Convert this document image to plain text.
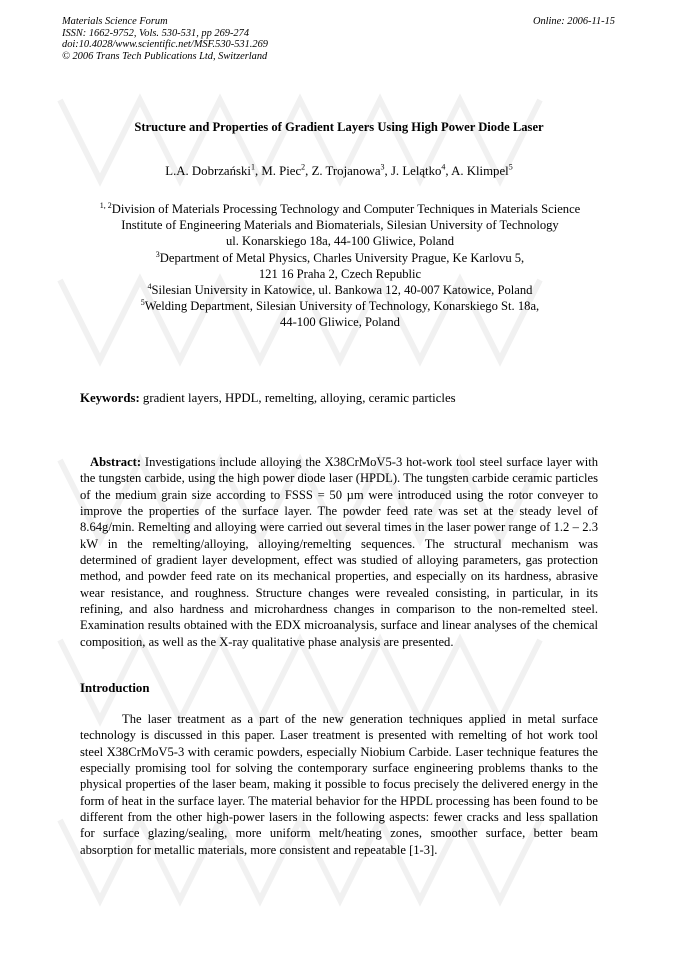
Materials Science Forum
ISSN: 1662-9752, Vols. 530-531, pp 269-274
doi:10.4028/www.scientific.net/MSF.530-531.269
© 2006 Trans Tech Publications Ltd, Switzerland
Online: 2006-11-15
Structure and Properties of Gradient Layers Using High Power Diode Laser
L.A. Dobrzański$^1$, M. Piec$^2$, Z. Trojanowa$^3$, J. Lelątko$^4$, A. Klimpel$^5$
$^{1, 2}$Division of Materials Processing Technology and Computer Techniques in Materials Science
Institute of Engineering Materials and Biomaterials, Silesian University of Technology
ul. Konarskiego 18a, 44-100 Gliwice, Poland
$^3$Department of Metal Physics, Charles University Prague, Ke Karlovu 5,
121 16 Praha 2, Czech Republic
$^4$Silesian University in Katowice, ul. Bankowa 12, 40-007 Katowice, Poland
$^5$Welding Department, Silesian University of Technology, Konarskiego St. 18a,
44-100 Gliwice, Poland
Keywords: gradient layers, HPDL, remelting, alloying, ceramic particles
Abstract: Investigations include alloying the X38CrMoV5-3 hot-work tool steel surface layer with the tungsten carbide, using the high power diode laser (HPDL). The tungsten carbide ceramic particles of the medium grain size according to FSSS = 50 µm were introduced using the rotor conveyer to improve the properties of the surface layer. The powder feed rate was set at the steady level of 8.64g/min. Remelting and alloying were carried out several times in the laser power range of 1.2 – 2.3 kW in the remelting/alloying, alloying/remelting sequences. The structural mechanism was determined of gradient layer development, effect was studied of alloying parameters, gas protection method, and powder feed rate on its mechanical properties, and especially on its hardness, abrasive wear resistance, and roughness. Structure changes were revealed consisting, in particular, in its refining, and also hardness and microhardness changes in comparison to the non-remelted steel. Examination results obtained with the EDX microanalysis, surface and linear analyses of the chemical composition, as well as the X-ray qualitative phase analysis are presented.
Introduction
The laser treatment as a part of the new generation techniques applied in metal surface technology is discussed in this paper. Laser treatment is presented with remelting of hot work tool steel X38CrMoV5-3 with ceramic powders, especially Niobium Carbide. Laser technique features the especially promising tool for solving the contemporary surface engineering problems thanks to the physical properties of the laser beam, making it possible to focus precisely the delivered energy in the form of heat in the surface layer. The material behavior for the HPDL processing has been found to be different from the other high-power lasers in the following aspects: fewer cracks and less spallation for surface glazing/sealing, more uniform melt/heating zones, smoother surface, better beam absorption for metallic materials, more consistent and repeatable [1-3].
